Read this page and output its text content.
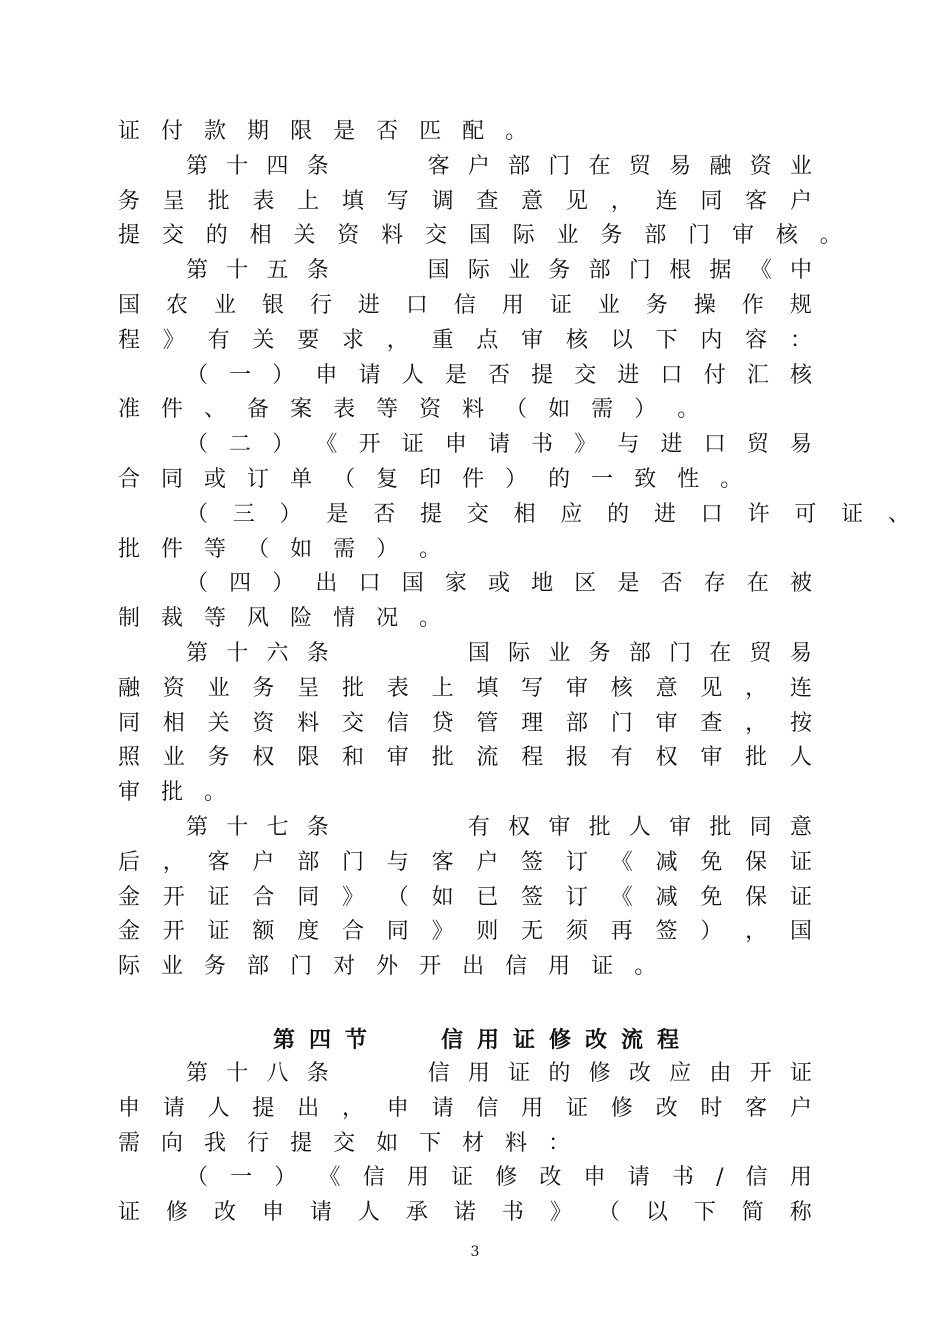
证 付 款 期 限 是 否 匹 配 。
第 十 四 条

　	客 户 部 门 在 贸 易 融 资 业
务 呈 批 表 上 填 写 调 查 意 见 ， 连 同 客 户
提 交 的 相 关 资 料 交 国 际 业 务 部 门 审 核 。
第 十 五 条

　	国 际 业 务 部 门 根 据 《 中
国 农 业 银 行 进 口 信 用 证 业 务 操 作 规
程 》 有 关 要 求 ， 重 点 审 核 以 下 内 容 ：
（ 一 ） 申 请 人 是 否 提 交 进 口 付 汇 核
准 件 、 备 案 表 等 资 料 （ 如 需 ） 。
（ 二 ） 《 开 证 申 请 书 》 与 进 口 贸 易
合 同 或 订 单 （ 复 印 件 ） 的 一 致 性 。
（ 三 ） 是 否 提 交 相 应 的 进 口 许 可 证 、
批 件 等 （ 如 需 ） 。
（ 四 ） 出 口 国 家 或 地 区 是 否 存 在 被
制 裁 等 风 险 情 况 。
第 十 六 条

　	国 际 业 务 部 门 在 贸 易
融 资 业 务 呈 批 表 上 填 写 审 核 意 见 ， 连
同 相 关 资 料 交 信 贷 管 理 部 门 审 查 ， 按
照 业 务 权 限 和 审 批 流 程 报 有 权 审 批 人
审 批 。
第 十 七 条

　	有 权 审 批 人 审 批 同 意
后 ， 客 户 部 门 与 客 户 签 订 《 减 免 保 证
金 开 证 合 同 》 （ 如 已 签 订 《 减 免 保 证
金 开 证 额 度 合 同 》 则 无 须 再 签 ） ， 国
际 业 务 部 门 对 外 开 出 信 用 证 。
第 十 八 条

　	信 用 证 的 修 改 应 由 开 证
申 请 人 提 出 ， 申 请 信 用 证 修 改 时 客 户
需 向 我 行 提 交 如 下 材 料 ：
（ 一 ） 《 信 用 证 修 改 申 请 书 / 信 用
证 修 改 申 请 人 承 诺 书 》 （ 以 下 简 称
第四节	信用证修改流程
3
